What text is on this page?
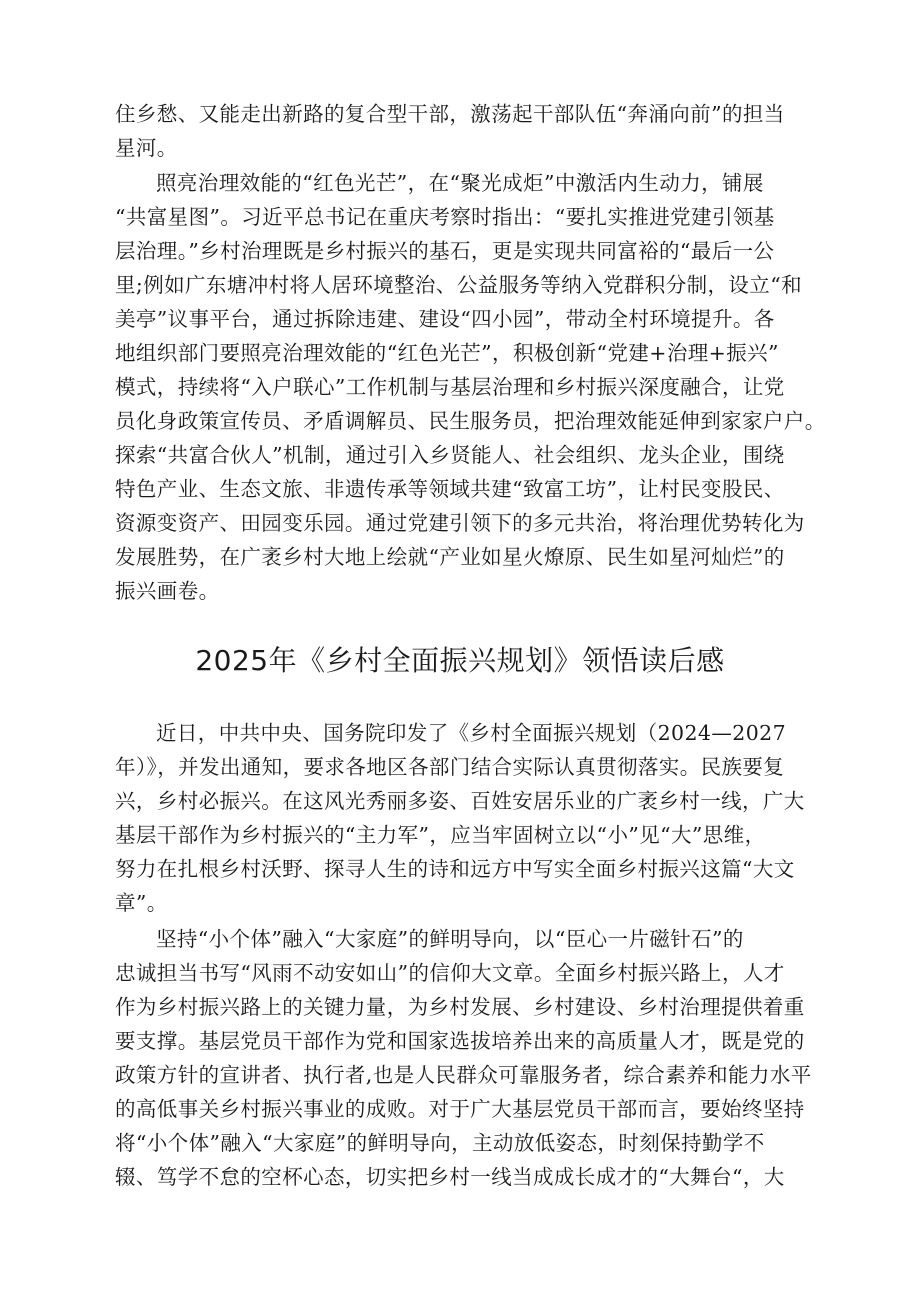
住乡愁、又能走出新路的复合型干部，激荡起干部队伍“奔涌向前”的担当
星河。
照亮治理效能的“红色光芒”，在“聚光成炬”中激活内生动力，铺展
“共富星图”。习近平总书记在重庆考察时指出：“要扎实推进党建引领基
层治理。”乡村治理既是乡村振兴的基石，更是实现共同富裕的“最后一公
里;例如广东塘冲村将人居环境整治、公益服务等纳入党群积分制，设立“和
美亭”议事平台，通过拆除违建、建设“四小园”，带动全村环境提升。各
地组织部门要照亮治理效能的“红色光芒”，积极创新“党建+治理+振兴”
模式，持续将“入户联心”工作机制与基层治理和乡村振兴深度融合，让党
员化身政策宣传员、矛盾调解员、民生服务员，把治理效能延伸到家家户户。
探索“共富合伙人”机制，通过引入乡贤能人、社会组织、龙头企业，围绕
特色产业、生态文旅、非遗传承等领域共建“致富工坊”，让村民变股民、
资源变资产、田园变乐园。通过党建引领下的多元共治，将治理优势转化为
发展胜势，在广袤乡村大地上绘就“产业如星火燎原、民生如星河灿烂”的
振兴画卷。
2025年《乡村全面振兴规划》领悟读后感
近日，中共中央、国务院印发了《乡村全面振兴规划（2024—2027
年）》，并发出通知，要求各地区各部门结合实际认真贯彻落实。民族要复
兴，乡村必振兴。在这风光秀丽多姿、百姓安居乐业的广袤乡村一线，广大
基层干部作为乡村振兴的“主力军”，应当牢固树立以“小”见“大”思维，
努力在扎根乡村沃野、探寻人生的诗和远方中写实全面乡村振兴这篇“大文
章”。
坚持“小个体”融入“大家庭”的鲜明导向，以“臣心一片磁针石”的
忠诚担当书写“风雨不动安如山”的信仰大文章。全面乡村振兴路上，人才
作为乡村振兴路上的关键力量，为乡村发展、乡村建设、乡村治理提供着重
要支撑。基层党员干部作为党和国家选拔培养出来的高质量人才，既是党的
政策方针的宣讲者、执行者,也是人民群众可靠服务者，综合素养和能力水平
的高低事关乡村振兴事业的成败。对于广大基层党员干部而言，要始终坚持
将“小个体”融入“大家庭”的鲜明导向，主动放低姿态，时刻保持勤学不
辍、笃学不怠的空杯心态，切实把乡村一线当成成长成才的“大舞台“，大
